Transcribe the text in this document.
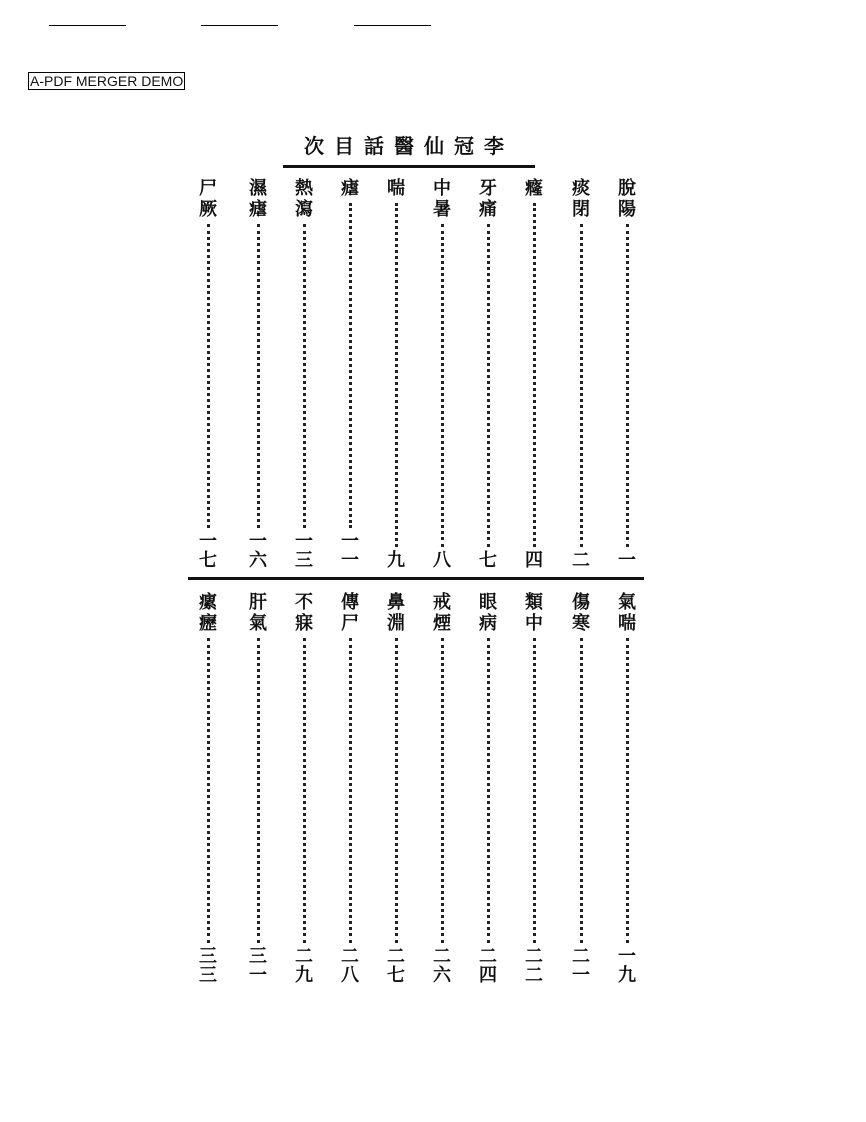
A-PDF MERGER DEMO
李冠仙醫話目次
脫
陽
一
痰
閉
二
癃
四
牙
痛
七
中
暑
八
喘
九
瘧
一
一
熱
瀉
一
三
濕
瘧
一
六
尸
厥
一
七
氣
喘
一
九
傷
寒
二
一
類
中
二
二
眼
病
二
四
戒
煙
二
六
鼻
淵
二
七
傳
尸
二
八
不
寐
二
九
肝
氣
三
一
瘰
癧
三
三
